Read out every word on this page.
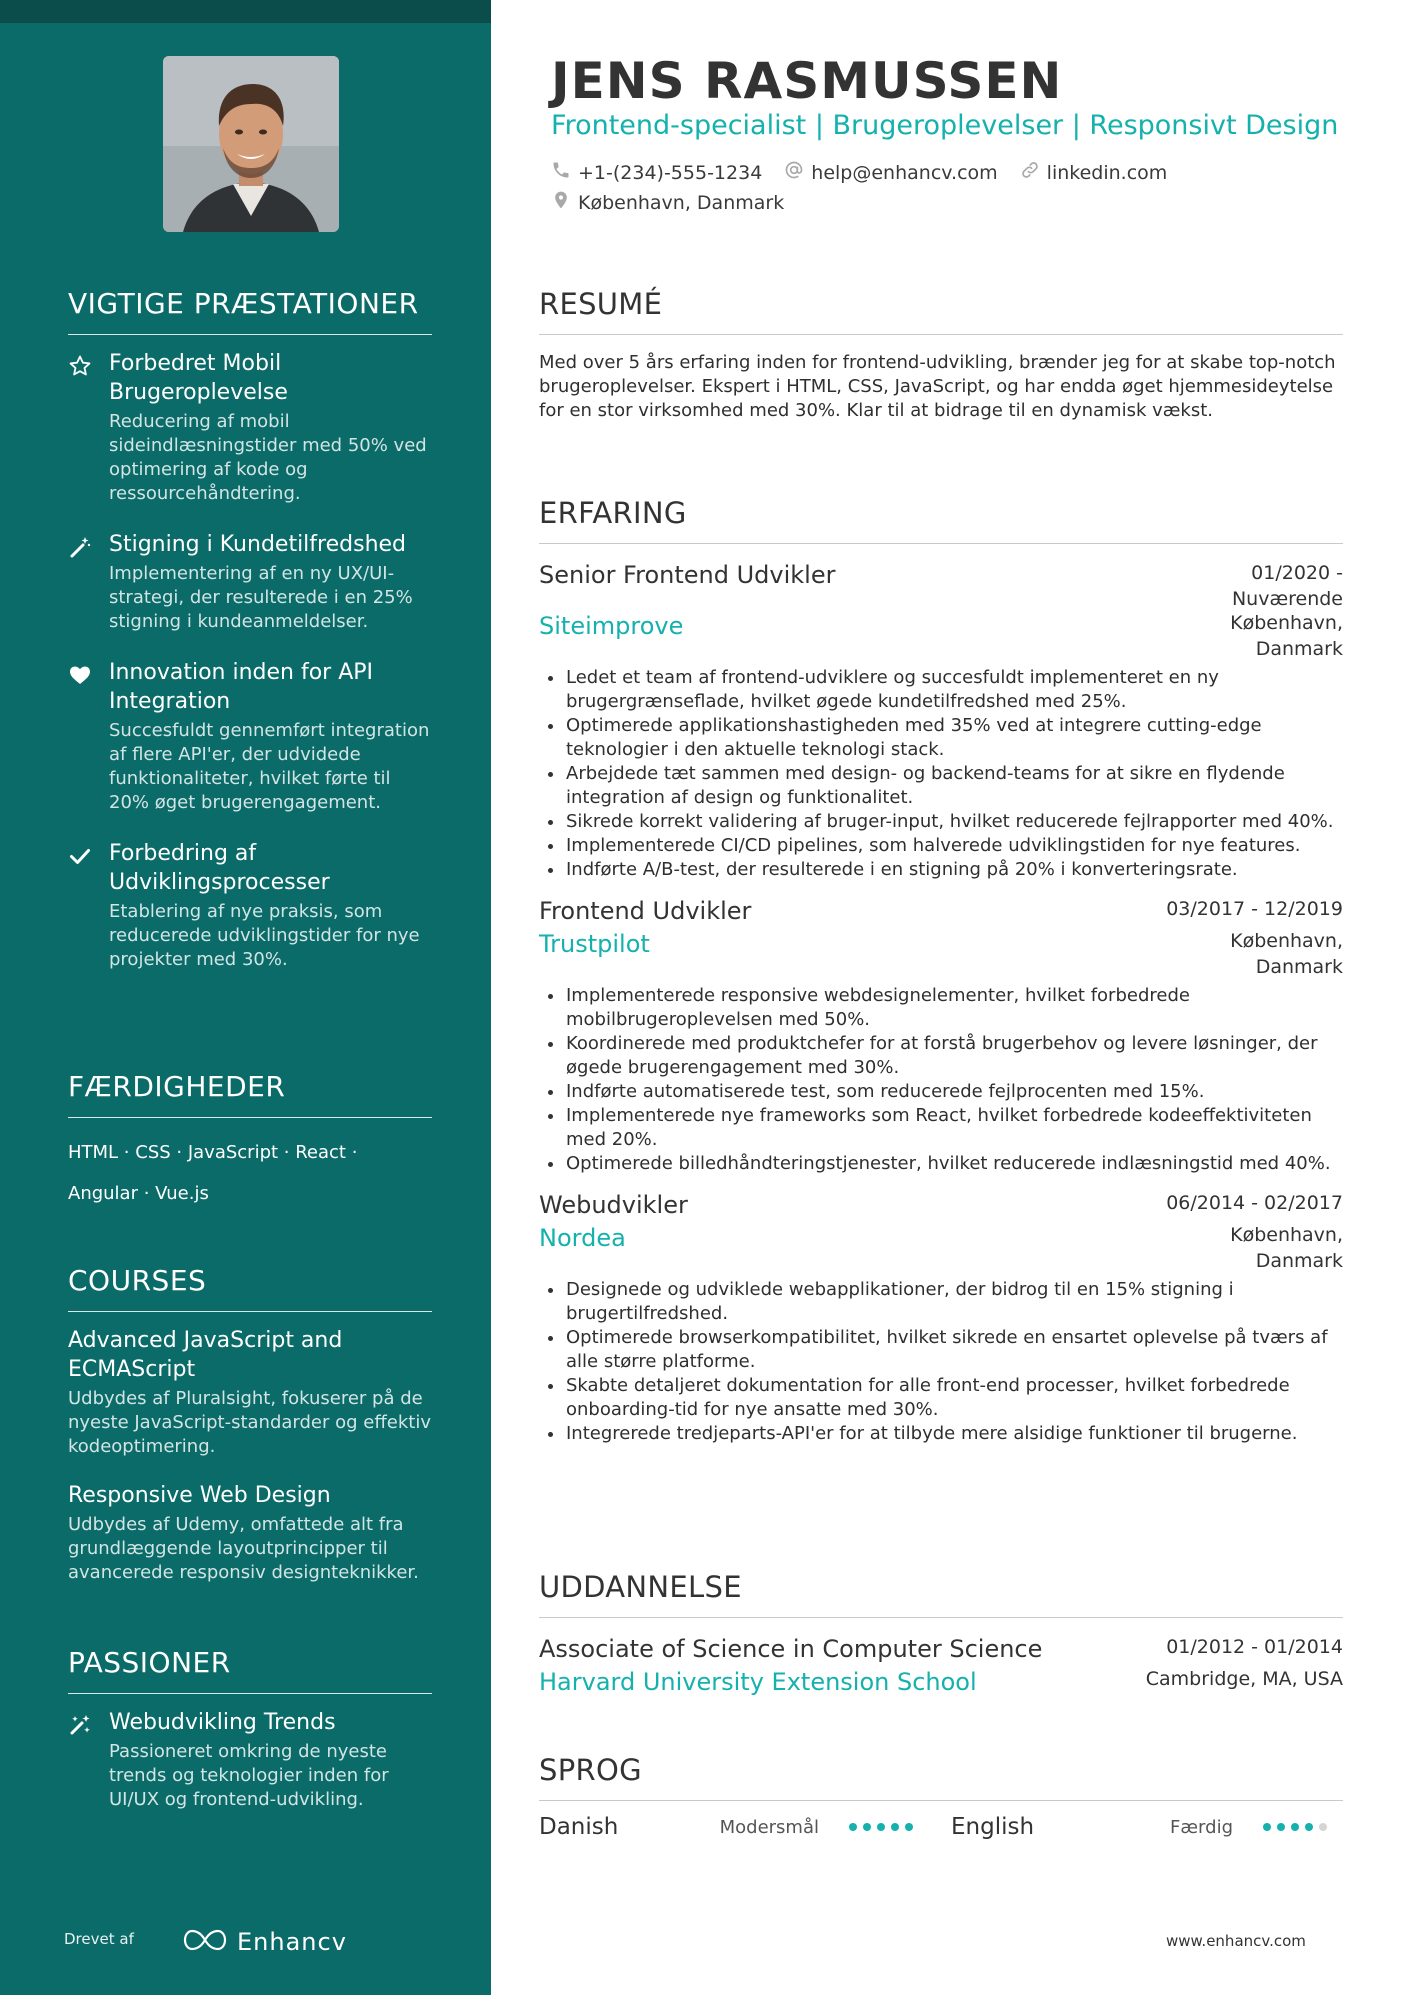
VIGTIGE PRÆSTATIONER
Forbedret Mobil Brugeroplevelse
Reducering af mobil sideindlæsningstider med 50% ved optimering af kode og ressourcehåndtering.
Stigning i Kundetilfredshed
Implementering af en ny UX/UI-strategi, der resulterede i en 25% stigning i kundeanmeldelser.
Innovation inden for API Integration
Succesfuldt gennemført integration af flere API'er, der udvidede funktionaliteter, hvilket førte til 20% øget brugerengagement.
Forbedring af Udviklingsprocesser
Etablering af nye praksis, som reducerede udviklingstider for nye projekter med 30%.
FÆRDIGHEDER
HTML · CSS · JavaScript · React ·
Angular · Vue.js
COURSES
Advanced JavaScript and ECMAScript
Udbydes af Pluralsight, fokuserer på de nyeste JavaScript-standarder og effektiv kodeoptimering.
Responsive Web Design
Udbydes af Udemy, omfattede alt fra grundlæggende layoutprincipper til avancerede responsiv designteknikker.
PASSIONER
Webudvikling Trends
Passioneret omkring de nyeste trends og teknologier inden for UI/UX og frontend-udvikling.
Drevet af	Enhancv
JENS RASMUSSEN
Frontend-specialist | Brugeroplevelser | Responsivt Design
+1-(234)-555-1234	help@enhancv.com	linkedin.com
København, Danmark
RESUMÉ

Med over 5 års erfaring inden for frontend-udvikling, brænder jeg for at skabe top-notch brugeroplevelser. Ekspert i HTML, CSS, JavaScript, og har endda øget hjemmesideytelse for en stor virksomhed med 30%. Klar til at bidrage til en dynamisk vækst.

ERFARING
Senior Frontend Udvikler	01/2020 - Nuværende
Siteimprove	København, Danmark
Ledet et team af frontend-udviklere og succesfuldt implementeret en ny brugergrænseflade, hvilket øgede kundetilfredshed med 25%.
Optimerede applikationshastigheden med 35% ved at integrere cutting-edge teknologier i den aktuelle teknologi stack.
Arbejdede tæt sammen med design- og backend-teams for at sikre en flydende integration af design og funktionalitet.
Sikrede korrekt validering af bruger-input, hvilket reducerede fejlrapporter med 40%.
Implementerede CI/CD pipelines, som halverede udviklingstiden for nye features.
Indførte A/B-test, der resulterede i en stigning på 20% i konverteringsrate.
Frontend Udvikler	03/2017 - 12/2019
Trustpilot	København, Danmark
Implementerede responsive webdesignelementer, hvilket forbedrede mobilbrugeroplevelsen med 50%.
Koordinerede med produktchefer for at forstå brugerbehov og levere løsninger, der øgede brugerengagement med 30%.
Indførte automatiserede test, som reducerede fejlprocenten med 15%.
Implementerede nye frameworks som React, hvilket forbedrede kodeeffektiviteten med 20%.
Optimerede billedhåndteringstjenester, hvilket reducerede indlæsningstid med 40%.
Webudvikler	06/2014 - 02/2017
Nordea	København, Danmark
Designede og udviklede webapplikationer, der bidrog til en 15% stigning i brugertilfredshed.
Optimerede browserkompatibilitet, hvilket sikrede en ensartet oplevelse på tværs af alle større platforme.
Skabte detaljeret dokumentation for alle front-end processer, hvilket forbedrede onboarding-tid for nye ansatte med 30%.
Integrerede tredjeparts-API'er for at tilbyde mere alsidige funktioner til brugerne.
UDDANNELSE
Associate of Science in Computer Science	01/2012 - 01/2014
Harvard University Extension School	Cambridge, MA, USA
SPROG
Danish	Modersmål	English	Færdig
www.enhancv.com
